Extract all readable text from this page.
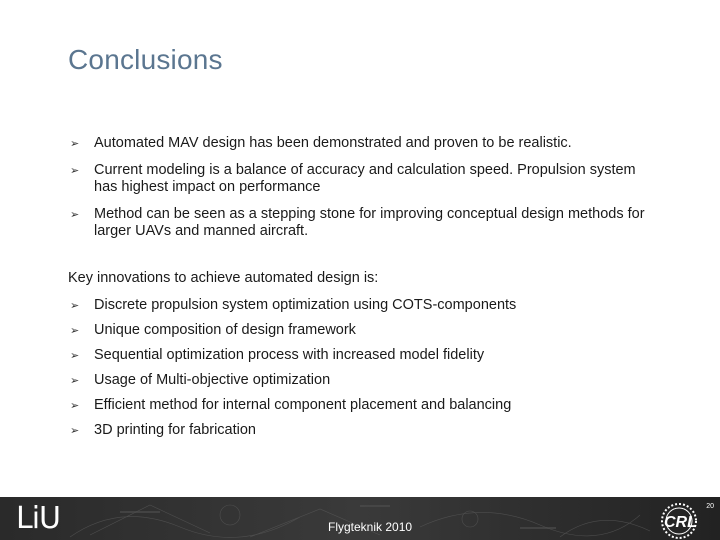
Conclusions
➢ Automated MAV design has been demonstrated and proven to be realistic.
➢ Current modeling is a balance of accuracy and calculation speed. Propulsion system has highest impact on performance
➢ Method can be seen as a stepping stone for improving conceptual design methods for larger UAVs and manned aircraft.
Key innovations to achieve automated design is:
➢ Discrete propulsion system optimization using COTS-components
➢ Unique composition of design framework
➢ Sequential optimization process with increased model fidelity
➢ Usage of Multi-objective optimization
➢ Efficient method for internal component placement and balancing
➢ 3D printing for fabrication
LiU	Flygteknik 2010
20
CRL
